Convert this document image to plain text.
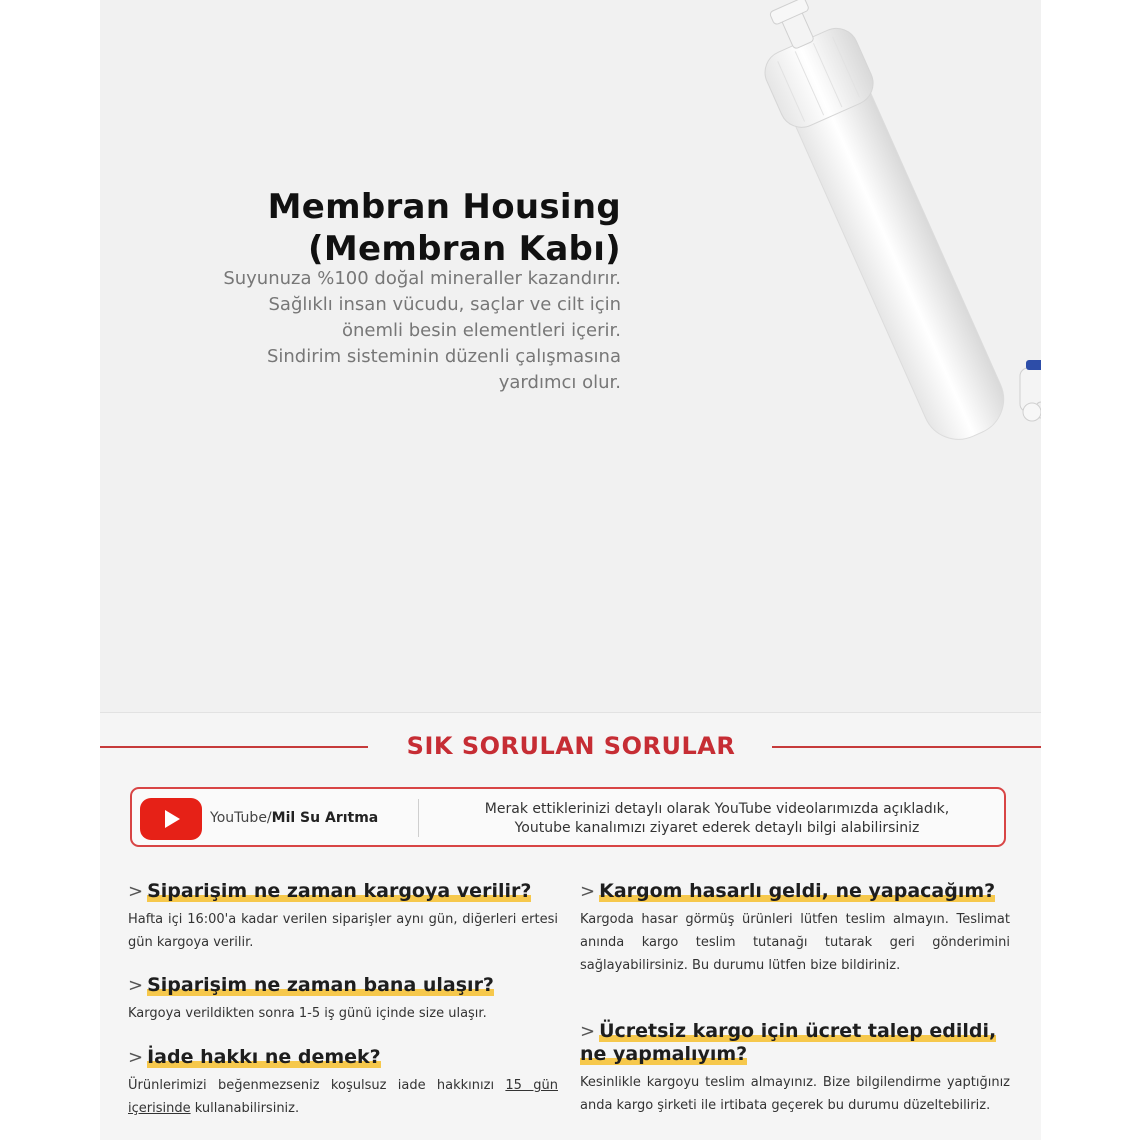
Membran Housing
(Membran Kabı)
Suyunuza %100 doğal mineraller kazandırır.
Sağlıklı insan vücudu, saçlar ve cilt için
önemli besin elementleri içerir.
Sindirim sisteminin düzenli çalışmasına
yardımcı olur.
SIK SORULAN SORULAR
YouTube/Mil Su Arıtma
Merak ettiklerinizi detaylı olarak YouTube videolarımızda açıkladık,
Youtube kanalımızı ziyaret ederek detaylı bilgi alabilirsiniz
> Siparişim ne zaman kargoya verilir?
Hafta içi 16:00'a kadar verilen siparişler aynı gün, diğerleri ertesi gün kargoya verilir.
> Siparişim ne zaman bana ulaşır?
Kargoya verildikten sonra 1-5 iş günü içinde size ulaşır.
> İade hakkı ne demek?
Ürünlerimizi beğenmezseniz koşulsuz iade hakkınızı 15 gün içerisinde kullanabilirsiniz.
> Kargom hasarlı geldi, ne yapacağım?
Kargoda hasar görmüş ürünleri lütfen teslim almayın. Teslimat anında kargo teslim tutanağı tutarak geri gönderimini sağlayabilirsiniz. Bu durumu lütfen bize bildiriniz.
> Ücretsiz kargo için ücret talep edildi,
ne yapmalıyım?
Kesinlikle kargoyu teslim almayınız. Bize bilgilendirme yaptığınız anda kargo şirketi ile irtibata geçerek bu durumu düzeltebiliriz.
